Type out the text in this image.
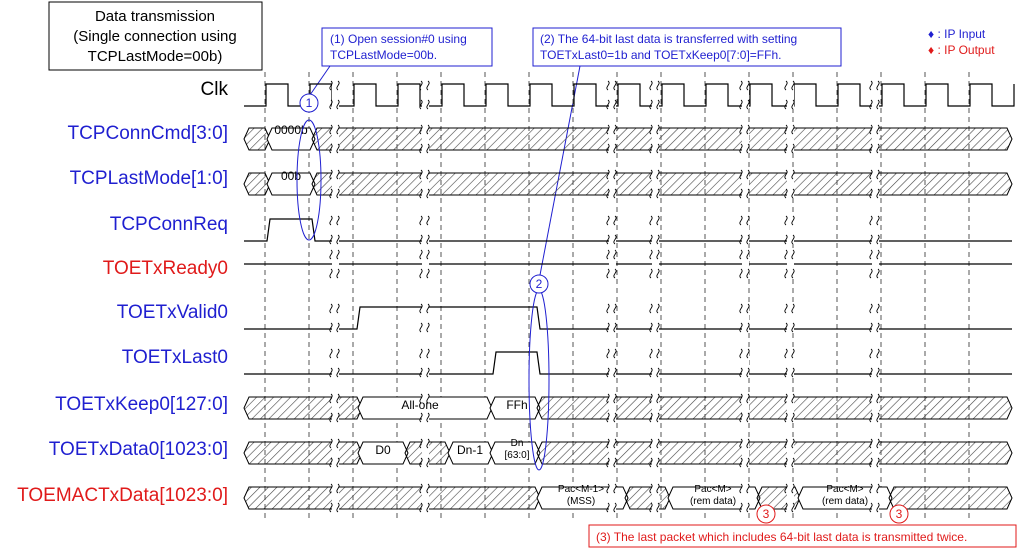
Data transmission
(Single connection using
TCPLastMode=00b)
♦ : IP Input
♦ : IP Output
(1) Open session#0 using
TCPLastMode=00b.
(2) The 64-bit last data is transferred with setting
TOETxLast0=1b and TOETxKeep0[7:0]=FFh.
(3) The last packet which includes 64-bit last data is transmitted twice.
Clk
TCPConnCmd[3:0]
TCPLastMode[1:0]
TCPConnReq
TOETxReady0
TOETxValid0
TOETxLast0
TOETxKeep0[127:0]
TOETxData0[1023:0]
TOEMACTxData[1023:0]
0000b
00b
All-one	FFh
D0	Dn-1	Dn
[63:0]
Pac<M-1>
(MSS)
Pac<M>
(rem data)
Pac<M>
(rem data)
1
2
3	3
